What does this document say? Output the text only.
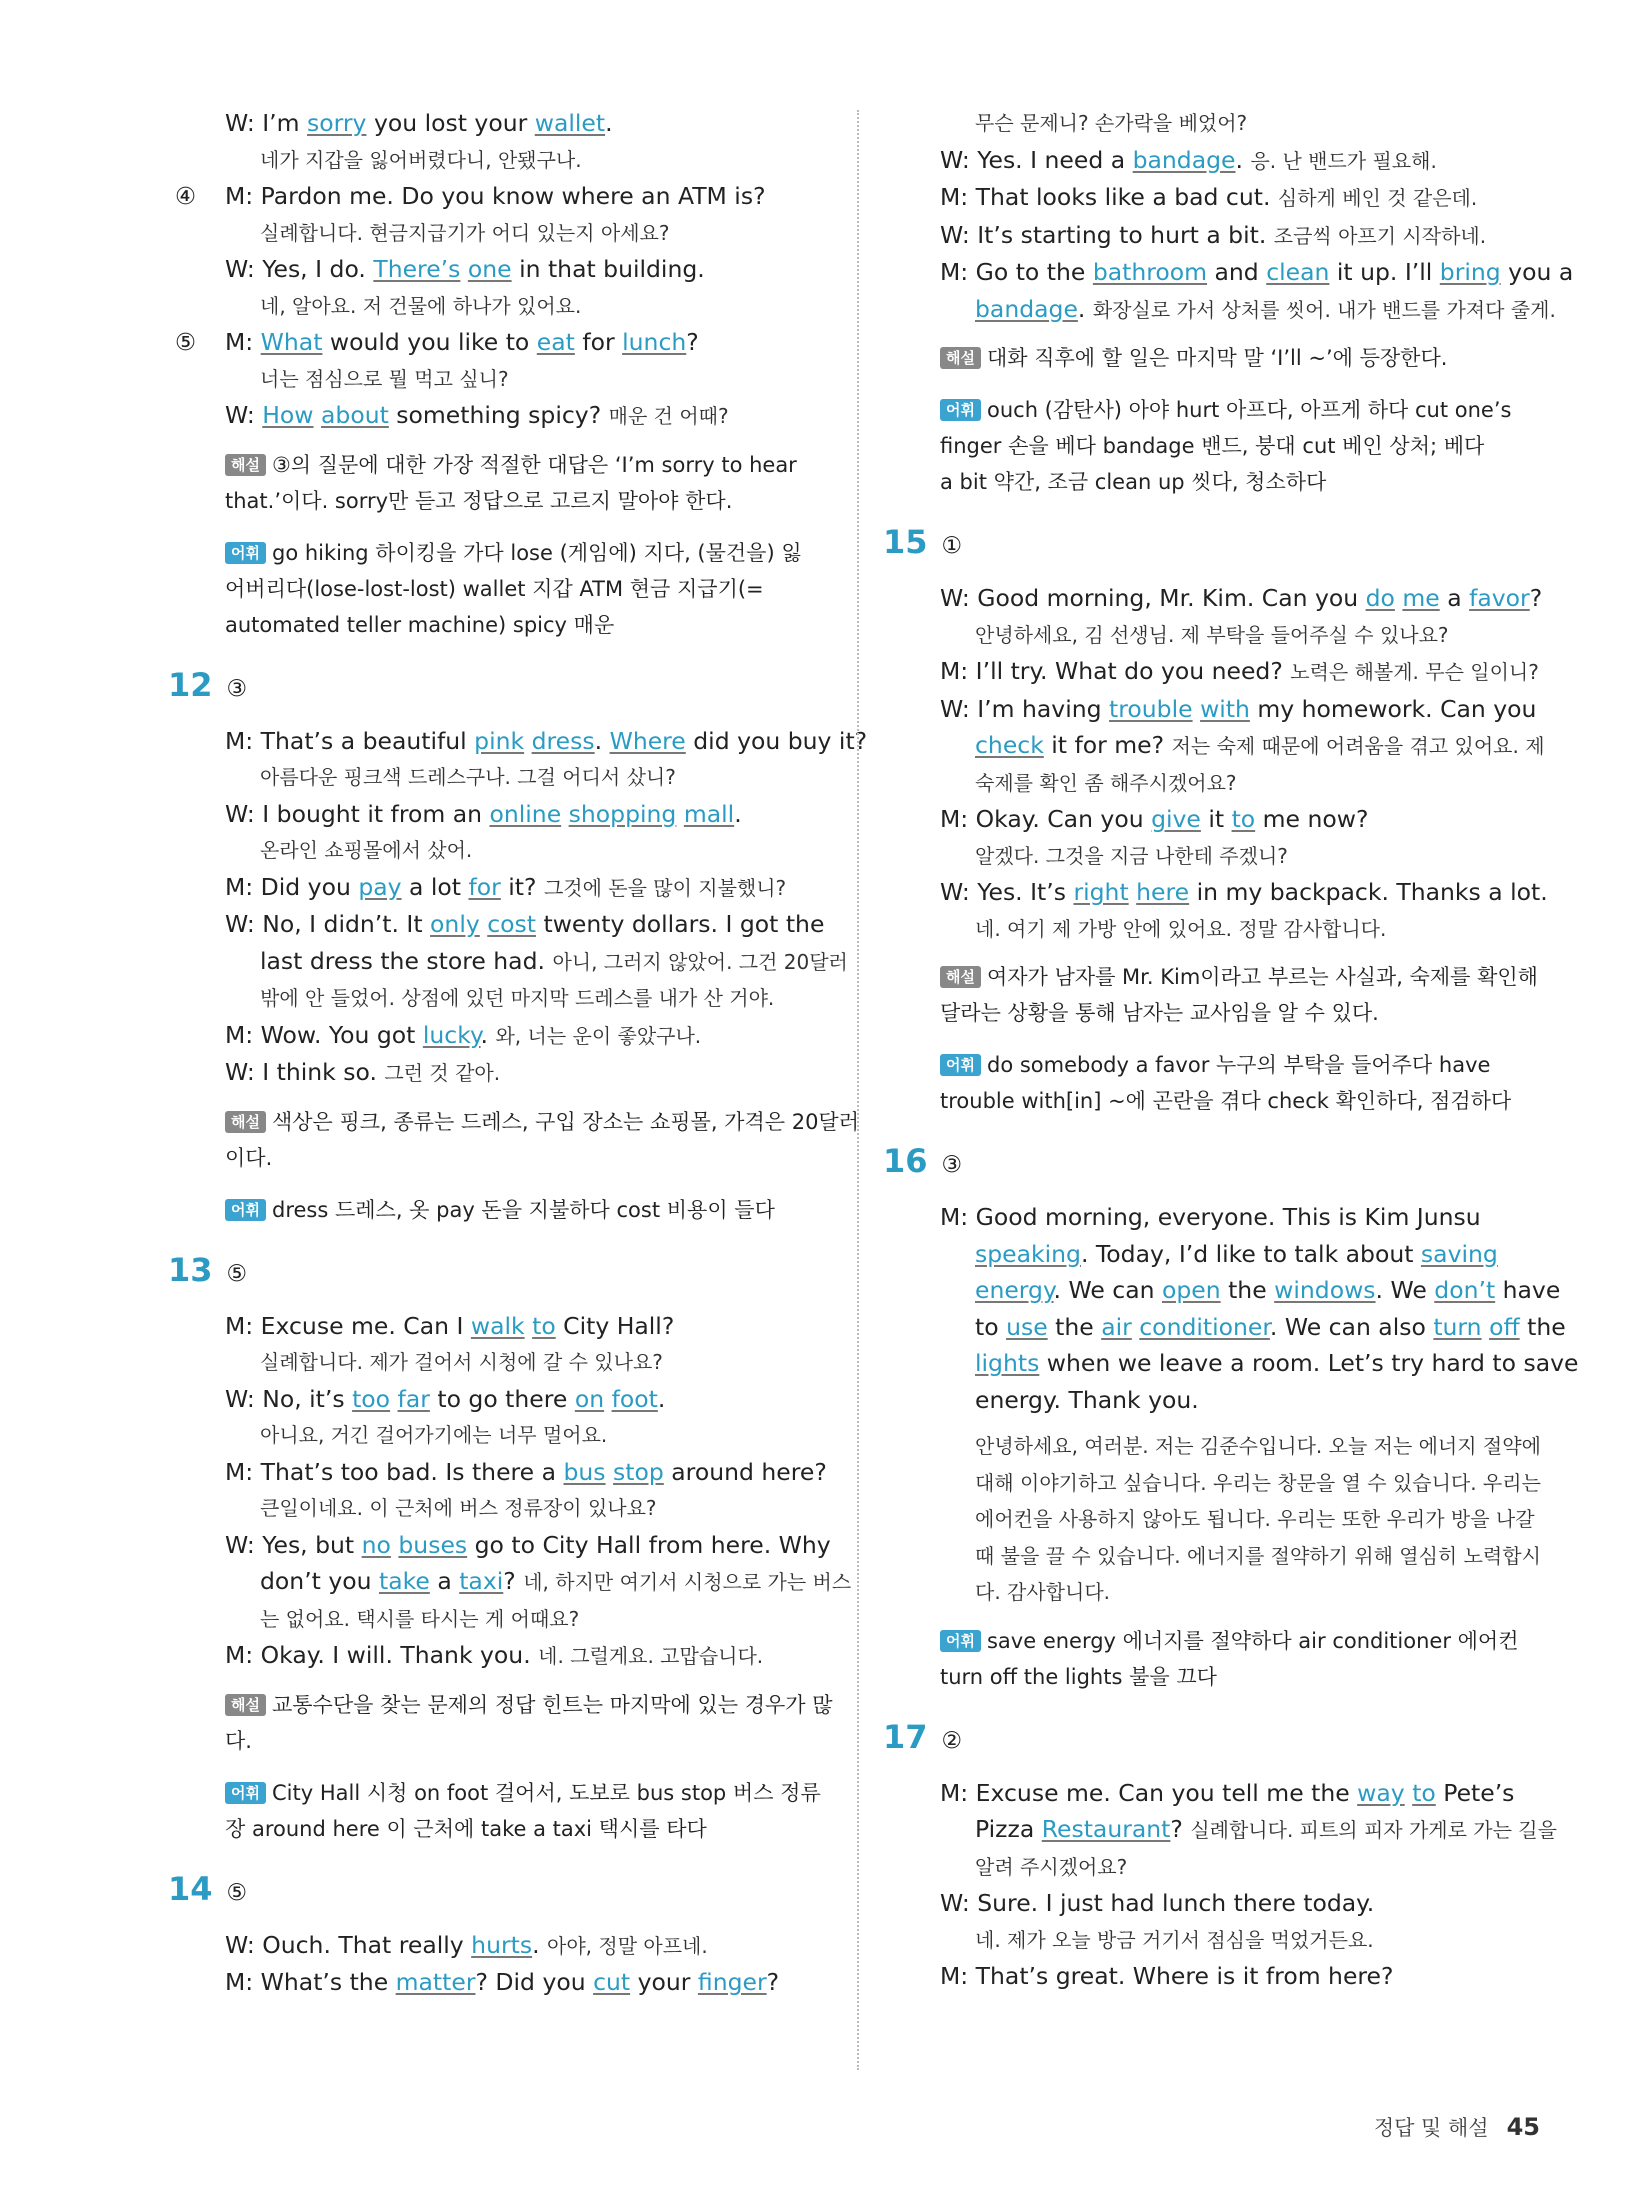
W: I’m sorry you lost your wallet.
네가 지갑을 잃어버렸다니, 안됐구나.
④ M: Pardon me. Do you know where an ATM is?
실례합니다. 현금지급기가 어디 있는지 아세요?
W: Yes, I do. There’s one in that building.
네, 알아요. 저 건물에 하나가 있어요.
⑤ M: What would you like to eat for lunch?
너는 점심으로 뭘 먹고 싶니?
W: How about something spicy? 매운 건 어때?
해설 ③의 질문에 대한 가장 적절한 대답은 ‘I’m sorry to hear
that.’이다. sorry만 듣고 정답으로 고르지 말아야 한다.
어휘 go hiking 하이킹을 가다 lose (게임에) 지다, (물건을) 잃
어버리다(lose-lost-lost) wallet 지갑 ATM 현금 지급기(=
automated teller machine) spicy 매운
12 ③
M: That’s a beautiful pink dress. Where did you buy it?
아름다운 핑크색 드레스구나. 그걸 어디서 샀니?
W: I bought it from an online shopping mall.
온라인 쇼핑몰에서 샀어.
M: Did you pay a lot for it? 그것에 돈을 많이 지불했니?
W: No, I didn’t. It only cost twenty dollars. I got the
last dress the store had. 아니, 그러지 않았어. 그건 20달러
밖에 안 들었어. 상점에 있던 마지막 드레스를 내가 산 거야.
M: Wow. You got lucky. 와, 너는 운이 좋았구나.
W: I think so. 그런 것 같아.
해설 색상은 핑크, 종류는 드레스, 구입 장소는 쇼핑몰, 가격은 20달러
이다.
어휘 dress 드레스, 옷 pay 돈을 지불하다 cost 비용이 들다
13 ⑤
M: Excuse me. Can I walk to City Hall?
실례합니다. 제가 걸어서 시청에 갈 수 있나요?
W: No, it’s too far to go there on foot.
아니요, 거긴 걸어가기에는 너무 멀어요.
M: That’s too bad. Is there a bus stop around here?
큰일이네요. 이 근처에 버스 정류장이 있나요?
W: Yes, but no buses go to City Hall from here. Why
don’t you take a taxi? 네, 하지만 여기서 시청으로 가는 버스
는 없어요. 택시를 타시는 게 어때요?
M: Okay. I will. Thank you. 네. 그럴게요. 고맙습니다.
해설 교통수단을 찾는 문제의 정답 힌트는 마지막에 있는 경우가 많
다.
어휘 City Hall 시청 on foot 걸어서, 도보로 bus stop 버스 정류
장 around here 이 근처에 take a taxi 택시를 타다
14 ⑤
W: Ouch. That really hurts. 아야, 정말 아프네.
M: What’s the matter? Did you cut your finger?
무슨 문제니? 손가락을 베었어?
W: Yes. I need a bandage. 응. 난 밴드가 필요해.
M: That looks like a bad cut. 심하게 베인 것 같은데.
W: It’s starting to hurt a bit. 조금씩 아프기 시작하네.
M: Go to the bathroom and clean it up. I’ll bring you a
bandage. 화장실로 가서 상처를 씻어. 내가 밴드를 가져다 줄게.
해설 대화 직후에 할 일은 마지막 말 ‘I’ll ~’에 등장한다.
어휘 ouch (감탄사) 아야 hurt 아프다, 아프게 하다 cut one’s
finger 손을 베다 bandage 밴드, 붕대 cut 베인 상처; 베다
a bit 약간, 조금 clean up 씻다, 청소하다
15 ①
W: Good morning, Mr. Kim. Can you do me a favor?
안녕하세요, 김 선생님. 제 부탁을 들어주실 수 있나요?
M: I’ll try. What do you need? 노력은 해볼게. 무슨 일이니?
W: I’m having trouble with my homework. Can you
check it for me? 저는 숙제 때문에 어려움을 겪고 있어요. 제
숙제를 확인 좀 해주시겠어요?
M: Okay. Can you give it to me now?
알겠다. 그것을 지금 나한테 주겠니?
W: Yes. It’s right here in my backpack. Thanks a lot.
네. 여기 제 가방 안에 있어요. 정말 감사합니다.
해설 여자가 남자를 Mr. Kim이라고 부르는 사실과, 숙제를 확인해
달라는 상황을 통해 남자는 교사임을 알 수 있다.
어휘 do somebody a favor 누구의 부탁을 들어주다 have
trouble with[in] ~에 곤란을 겪다 check 확인하다, 점검하다
16 ③
M: Good morning, everyone. This is Kim Junsu
speaking. Today, I’d like to talk about saving
energy. We can open the windows. We don’t have
to use the air conditioner. We can also turn off the
lights when we leave a room. Let’s try hard to save
energy. Thank you.
안녕하세요, 여러분. 저는 김준수입니다. 오늘 저는 에너지 절약에
대해 이야기하고 싶습니다. 우리는 창문을 열 수 있습니다. 우리는
에어컨을 사용하지 않아도 됩니다. 우리는 또한 우리가 방을 나갈
때 불을 끌 수 있습니다. 에너지를 절약하기 위해 열심히 노력합시
다. 감사합니다.
어휘 save energy 에너지를 절약하다 air conditioner 에어컨
turn off the lights 불을 끄다
17 ②
M: Excuse me. Can you tell me the way to Pete’s
Pizza Restaurant? 실례합니다. 피트의 피자 가게로 가는 길을
알려 주시겠어요?
W: Sure. I just had lunch there today.
네. 제가 오늘 방금 거기서 점심을 먹었거든요.
M: That’s great. Where is it from here?
정답 및 해설 45
